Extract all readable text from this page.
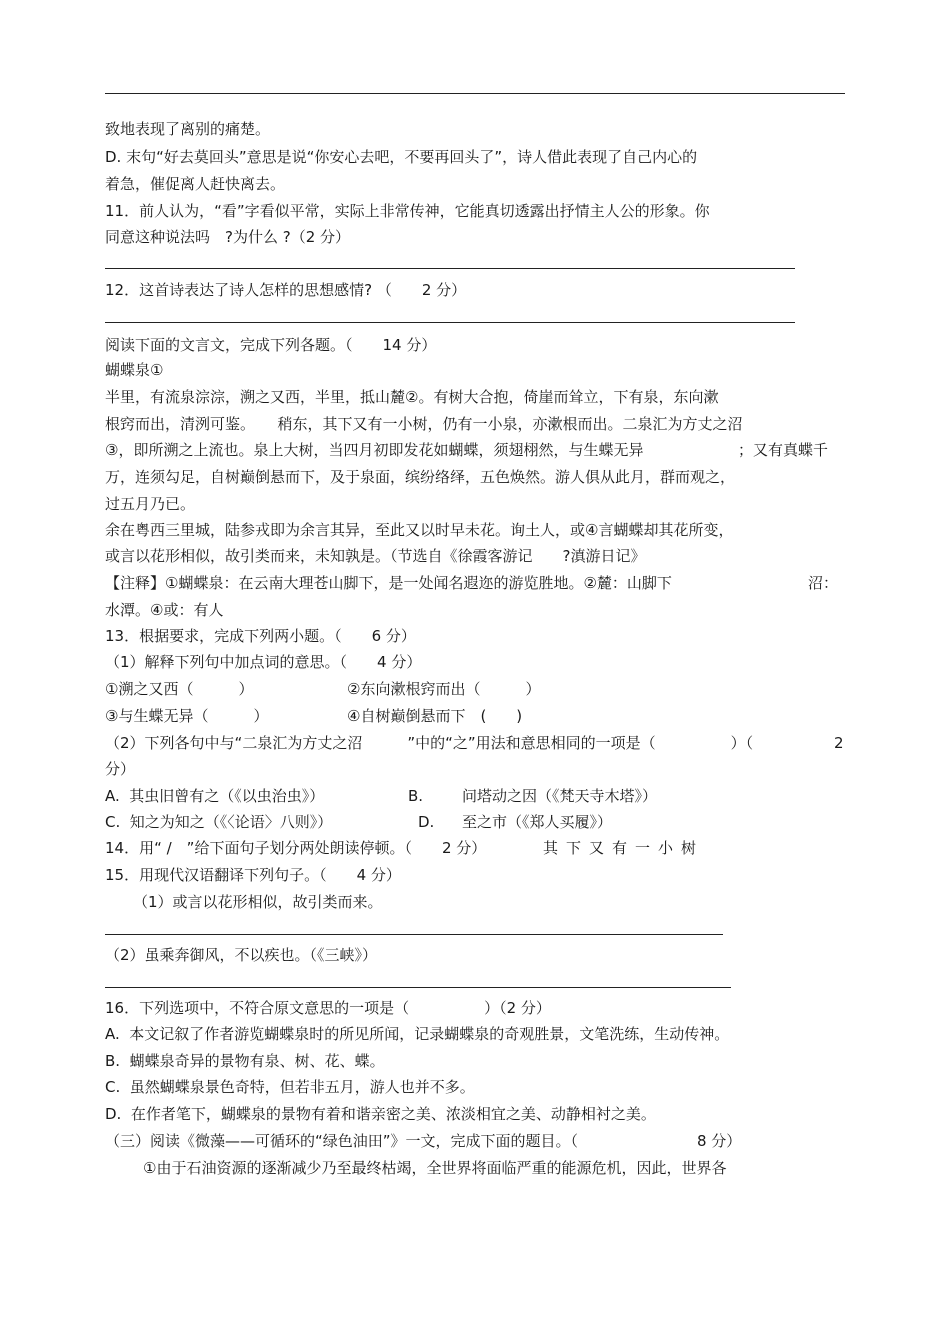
致地表现了离别的痛楚。
D. 末句“好去莫回头”意思是说“你安心去吧，不要再回头了”，诗人借此表现了自己内心的
着急，催促离人赶快离去。
11．前人认为，“看”字看似平常，实际上非常传神，它能真切透露出抒情主人公的形象。你
同意这种说法吗　?为什么 ?（2 分）
12．这首诗表达了诗人怎样的思想感情? （　　2 分）
阅读下面的文言文，完成下列各题。（　　14 分）
蝴蝶泉①
半里，有流泉淙淙，溯之又西，半里，抵山麓②。有树大合抱，倚崖而耸立，下有泉，东向漱
根窍而出，清洌可鉴。　　稍东，其下又有一小树，仍有一小泉，亦漱根而出。二泉汇为方丈之沼
③，即所溯之上流也。泉上大树，当四月初即发花如蝴蝶，须翅栩然，与生蝶无异	；又有真蝶千
万，连须勾足，自树巅倒悬而下，及于泉面，缤纷络绎，五色焕然。游人俱从此月，群而观之，
过五月乃已。
余在粤西三里城，陆参戎即为余言其异，至此又以时早未花。询土人，或④言蝴蝶却其花所变，
或言以花形相似，故引类而来，未知孰是。（节选自《徐霞客游记　　?滇游日记》
【注释】①蝴蝶泉：在云南大理苍山脚下，是一处闻名遐迩的游览胜地。②麓：山脚下	沼：
水潭。④或：有人
13．根据要求，完成下列两小题。（　　6 分）
（1）解释下列句中加点词的意思。（　　4 分）
①溯之又西（　　　）	②东向漱根窍而出（　　　）
③与生蝶无异（　　　）	④自树巅倒悬而下　(　　)
（2）下列各句中与“二泉汇为方丈之沼　　　”中的“之”用法和意思相同的一项是（　　　　　）（	2
分）
A.  其虫旧曾有之（《以虫治虫》）	B.	问塔动之因（《梵天寺木塔》）
C.  知之为知之（《〈论语〉八则》）	D. 至之市（《郑人买履》）
14．用“ /　”给下面句子划分两处朗读停顿。（　　2 分）	其下又有一小树
15．用现代汉语翻译下列句子。（　　4 分）
（1）或言以花形相似，故引类而来。
（2）虽乘奔御风，不以疾也。（《三峡》）
16．下列选项中，不符合原文意思的一项是（　　　　　）（2 分）
A.  本文记叙了作者游览蝴蝶泉时的所见所闻，记录蝴蝶泉的奇观胜景，文笔洗练，生动传神。
B.  蝴蝶泉奇异的景物有泉、树、花、蝶。
C.  虽然蝴蝶泉景色奇特，但若非五月，游人也并不多。
D.  在作者笔下，蝴蝶泉的景物有着和谐亲密之美、浓淡相宜之美、动静相衬之美。
（三）阅读《微藻——可循环的“绿色油田”》一文，完成下面的题目。（	8 分）
①由于石油资源的逐渐减少乃至最终枯竭，全世界将面临严重的能源危机，因此，世界各
